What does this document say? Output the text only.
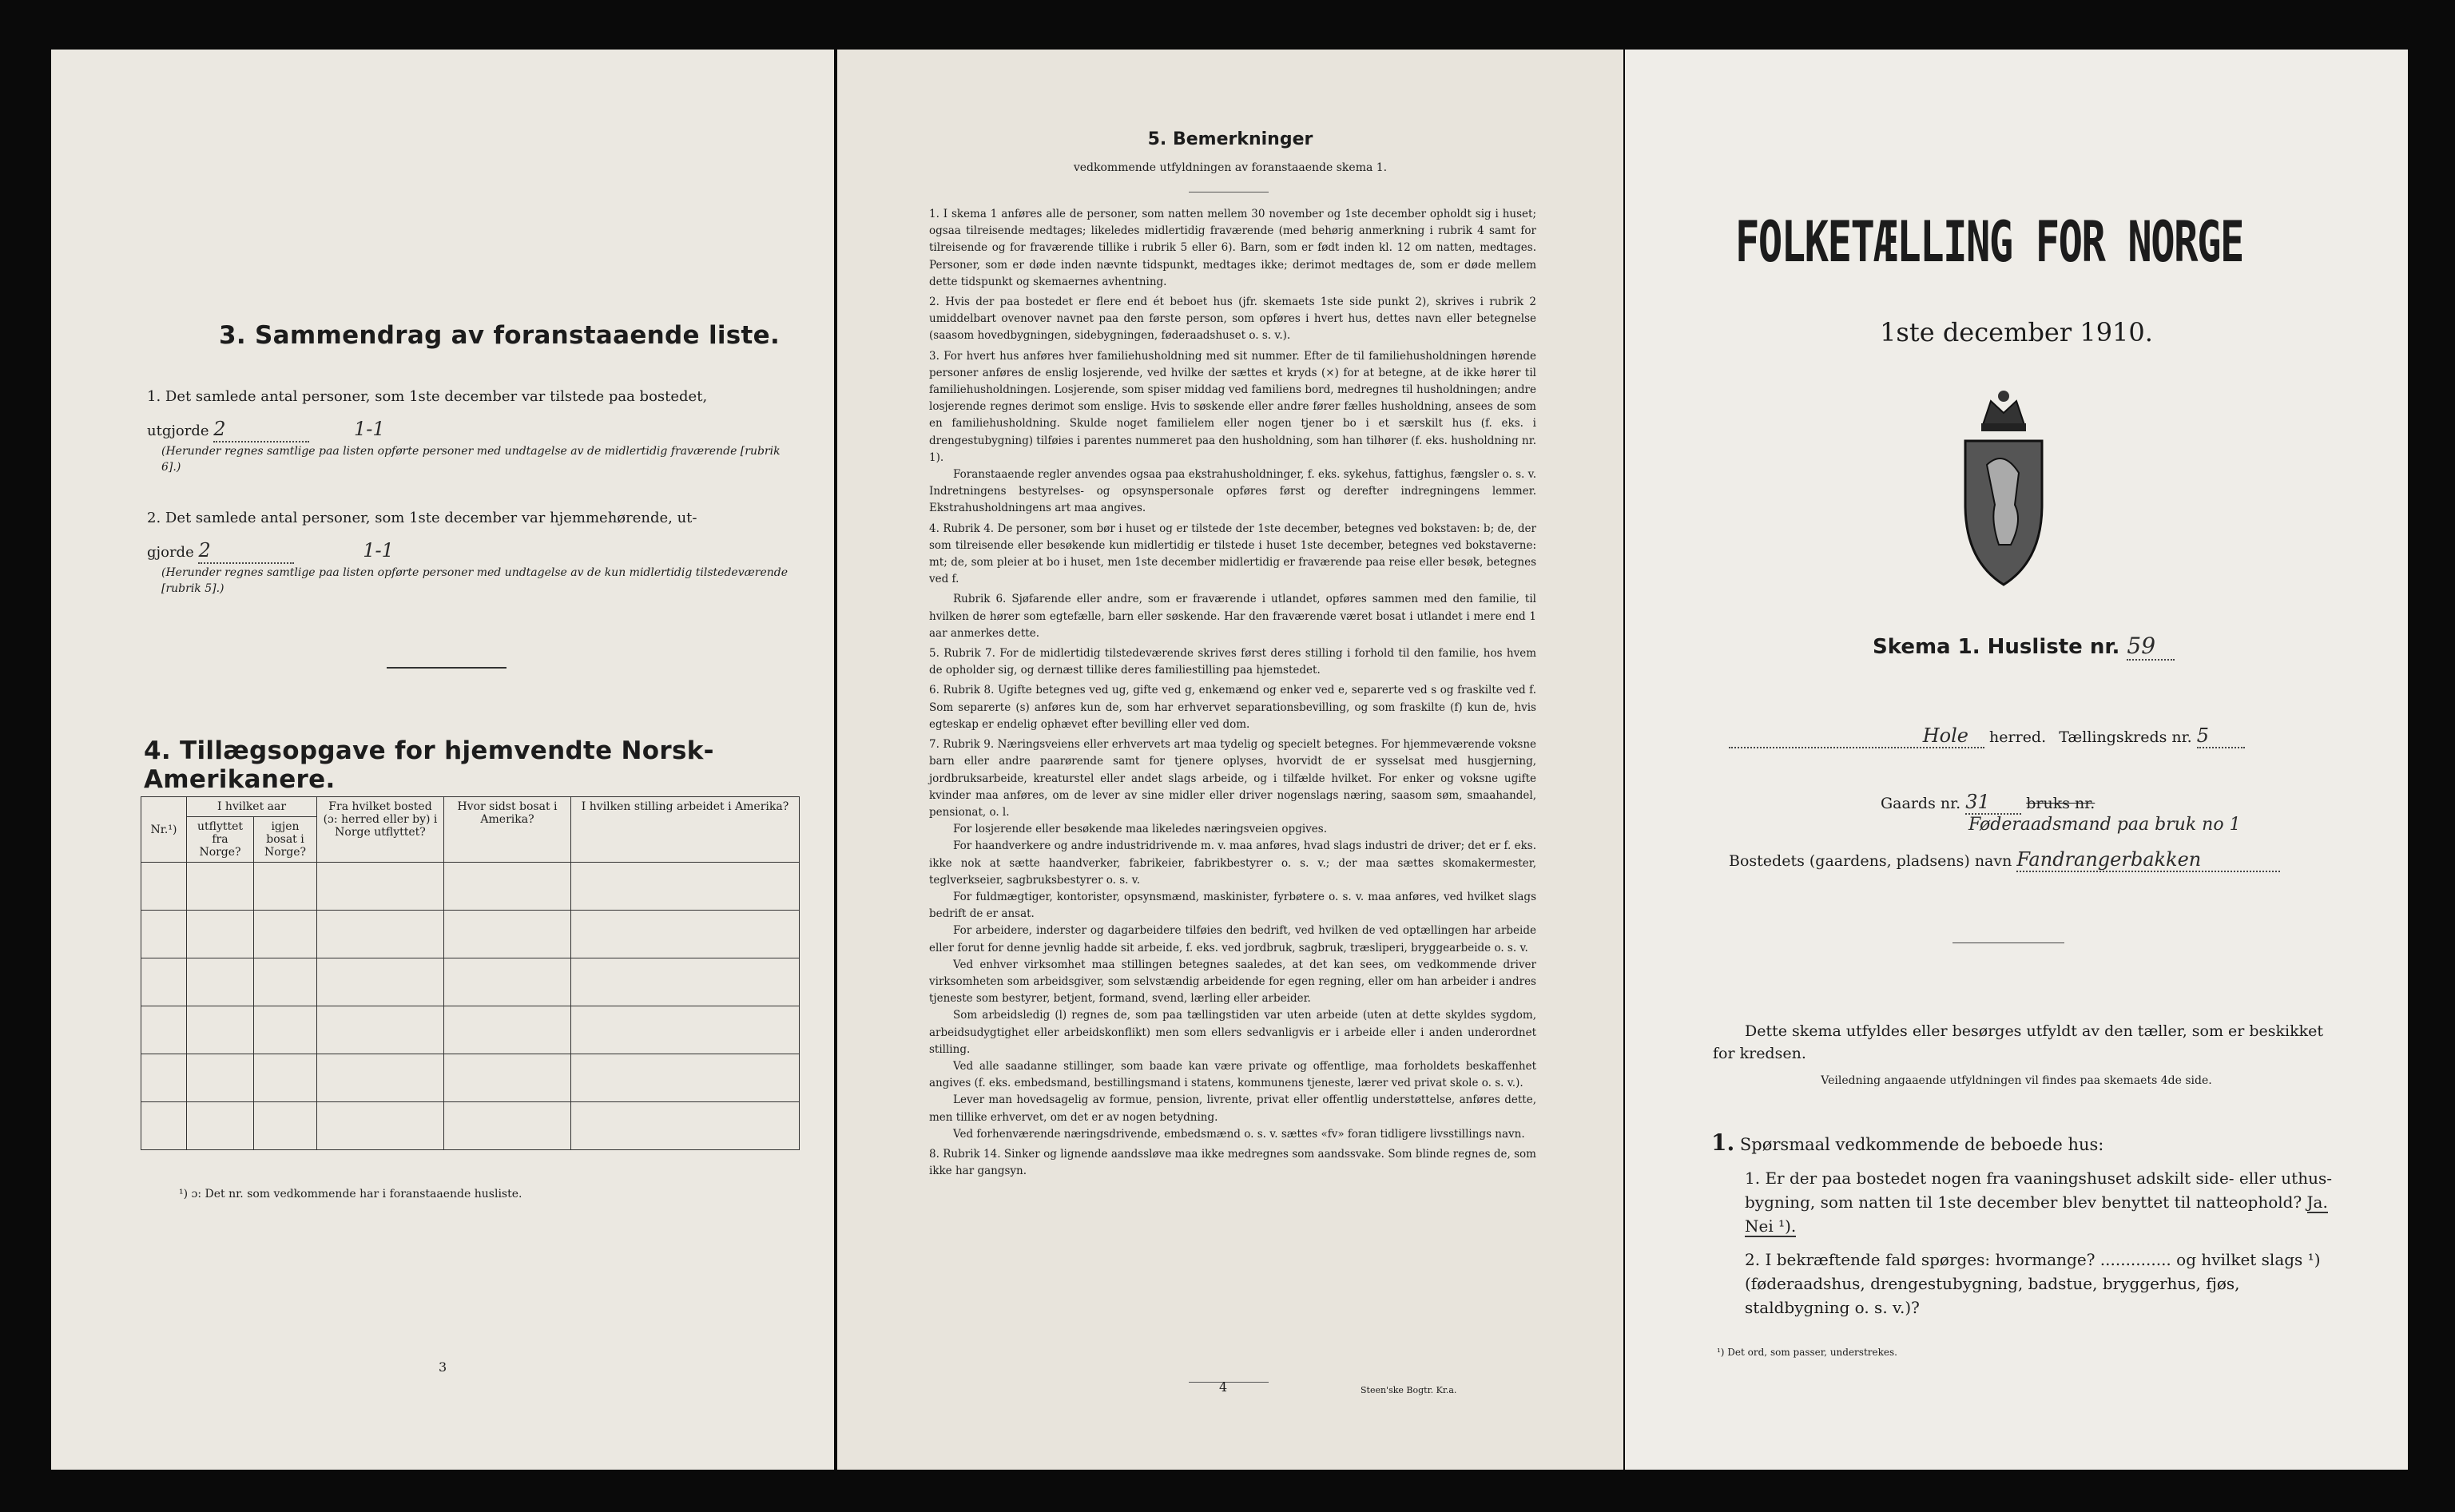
3. Sammendrag av foranstaaende liste.
1. Det samlede antal personer, som 1ste december var tilstede paa bostedet,
utgjorde 2	1-1
(Herunder regnes samtlige paa listen opførte personer med undtagelse av de midlertidig fraværende [rubrik 6].)
2. Det samlede antal personer, som 1ste december var hjemmehørende, ut-
gjorde 2	1-1
(Herunder regnes samtlige paa listen opførte personer med undtagelse av de kun midlertidig tilstedeværende [rubrik 5].)
4. Tillægsopgave for hjemvendte Norsk-Amerikanere.
Nr.¹)	I hvilket aar		Fra hvilket bosted (ɔ: herred eller by) i Norge utflyttet?	Hvor sidst bosat i Amerika?	I hvilken stilling arbeidet i Amerika?
	utflyttet fra Norge?	igjen bosat i Norge?			

¹) ɔ: Det nr. som vedkommende har i foranstaaende husliste.
3
5. Bemerkninger
vedkommende utfyldningen av foranstaaende skema 1.

1. I skema 1 anføres alle de personer, som natten mellem 30 november og 1ste december opholdt sig i huset; ogsaa tilreisende medtages; likeledes midlertidig fraværende (med behørig anmerkning i rubrik 4 samt for tilreisende og for fraværende tillike i rubrik 5 eller 6). Barn, som er født inden kl. 12 om natten, medtages. Personer, som er døde inden nævnte tidspunkt, medtages ikke; derimot medtages de, som er døde mellem dette tidspunkt og skemaernes avhentning.

2. Hvis der paa bostedet er flere end ét beboet hus (jfr. skemaets 1ste side punkt 2), skrives i rubrik 2 umiddelbart ovenover navnet paa den første person, som opføres i hvert hus, dettes navn eller betegnelse (saasom hovedbygningen, sidebygningen, føderaadshuset o. s. v.).

3. For hvert hus anføres hver familiehusholdning med sit nummer. Efter de til familiehusholdningen hørende personer anføres de enslig losjerende, ved hvilke der sættes et kryds (×) for at betegne, at de ikke hører til familiehusholdningen. Losjerende, som spiser middag ved familiens bord, medregnes til husholdningen; andre losjerende regnes derimot som enslige. Hvis to søskende eller andre fører fælles husholdning, ansees de som en familiehusholdning. Skulde noget familielem eller nogen tjener bo i et særskilt hus (f. eks. i drengestubygning) tilføies i parentes nummeret paa den husholdning, som han tilhører (f. eks. husholdning nr. 1).

Foranstaaende regler anvendes ogsaa paa ekstrahusholdninger, f. eks. sykehus, fattighus, fængsler o. s. v. Indretningens bestyrelses- og opsynspersonale opføres først og derefter indregningens lemmer. Ekstrahusholdningens art maa angives.

4. Rubrik 4. De personer, som bør i huset og er tilstede der 1ste december, betegnes ved bokstaven: b; de, der som tilreisende eller besøkende kun midlertidig er tilstede i huset 1ste december, betegnes ved bokstaverne: mt; de, som pleier at bo i huset, men 1ste december midlertidig er fraværende paa reise eller besøk, betegnes ved f.

Rubrik 6. Sjøfarende eller andre, som er fraværende i utlandet, opføres sammen med den familie, til hvilken de hører som egtefælle, barn eller søskende. Har den fraværende været bosat i utlandet i mere end 1 aar anmerkes dette.

5. Rubrik 7. For de midlertidig tilstedeværende skrives først deres stilling i forhold til den familie, hos hvem de opholder sig, og dernæst tillike deres familiestilling paa hjemstedet.

6. Rubrik 8. Ugifte betegnes ved ug, gifte ved g, enkemænd og enker ved e, separerte ved s og fraskilte ved f. Som separerte (s) anføres kun de, som har erhvervet separationsbevilling, og som fraskilte (f) kun de, hvis egteskap er endelig ophævet efter bevilling eller ved dom.

7. Rubrik 9. Næringsveiens eller erhvervets art maa tydelig og specielt betegnes. For hjemmeværende voksne barn eller andre paarørende samt for tjenere oplyses, hvorvidt de er sysselsat med husgjerning, jordbruksarbeide, kreaturstel eller andet slags arbeide, og i tilfælde hvilket. For enker og voksne ugifte kvinder maa anføres, om de lever av sine midler eller driver nogenslags næring, saasom søm, smaahandel, pensionat, o. l.

For losjerende eller besøkende maa likeledes næringsveien opgives.

For haandverkere og andre industridrivende m. v. maa anføres, hvad slags industri de driver; det er f. eks. ikke nok at sætte haandverker, fabrikeier, fabrikbestyrer o. s. v.; der maa sættes skomakermester, teglverkseier, sagbruksbestyrer o. s. v.

For fuldmægtiger, kontorister, opsynsmænd, maskinister, fyrbøtere o. s. v. maa anføres, ved hvilket slags bedrift de er ansat.

For arbeidere, inderster og dagarbeidere tilføies den bedrift, ved hvilken de ved optællingen har arbeide eller forut for denne jevnlig hadde sit arbeide, f. eks. ved jordbruk, sagbruk, træsliperi, bryggearbeide o. s. v.

Ved enhver virksomhet maa stillingen betegnes saaledes, at det kan sees, om vedkommende driver virksomheten som arbeidsgiver, som selvstændig arbeidende for egen regning, eller om han arbeider i andres tjeneste som bestyrer, betjent, formand, svend, lærling eller arbeider.

Som arbeidsledig (l) regnes de, som paa tællingstiden var uten arbeide (uten at dette skyldes sygdom, arbeidsudygtighet eller arbeidskonflikt) men som ellers sedvanligvis er i arbeide eller i anden underordnet stilling.

Ved alle saadanne stillinger, som baade kan være private og offentlige, maa forholdets beskaffenhet angives (f. eks. embedsmand, bestillingsmand i statens, kommunens tjeneste, lærer ved privat skole o. s. v.).

Lever man hovedsagelig av formue, pension, livrente, privat eller offentlig understøttelse, anføres dette, men tillike erhvervet, om det er av nogen betydning.

Ved forhenværende næringsdrivende, embedsmænd o. s. v. sættes «fv» foran tidligere livsstillings navn.

8. Rubrik 14. Sinker og lignende aandssløve maa ikke medregnes som aandssvake. Som blinde regnes de, som ikke har gangsyn.

4	Steen'ske Bogtr. Kr.a.
FOLKETÆLLING FOR NORGE
1ste december 1910.
Skema 1. Husliste nr. 59
Hole herred. Tællingskreds nr. 5
Gaards nr. 31 bruks nr.
Føderaadsmand paa bruk no 1
Bostedets (gaardens, pladsens) navn Fandrangerbakken
Dette skema utfyldes eller besørges utfyldt av den tæller, som er beskikket for kredsen.
Veiledning angaaende utfyldningen vil findes paa skemaets 4de side.
1. Spørsmaal vedkommende de beboede hus:
1. Er der paa bostedet nogen fra vaaningshuset adskilt side- eller uthus-bygning, som natten til 1ste december blev benyttet til natteophold? Ja. Nei ¹).
2. I bekræftende fald spørges: hvormange? .............. og hvilket slags ¹) (føderaadshus, drengestubygning, badstue, bryggerhus, fjøs, staldbygning o. s. v.)?
¹) Det ord, som passer, understrekes.
